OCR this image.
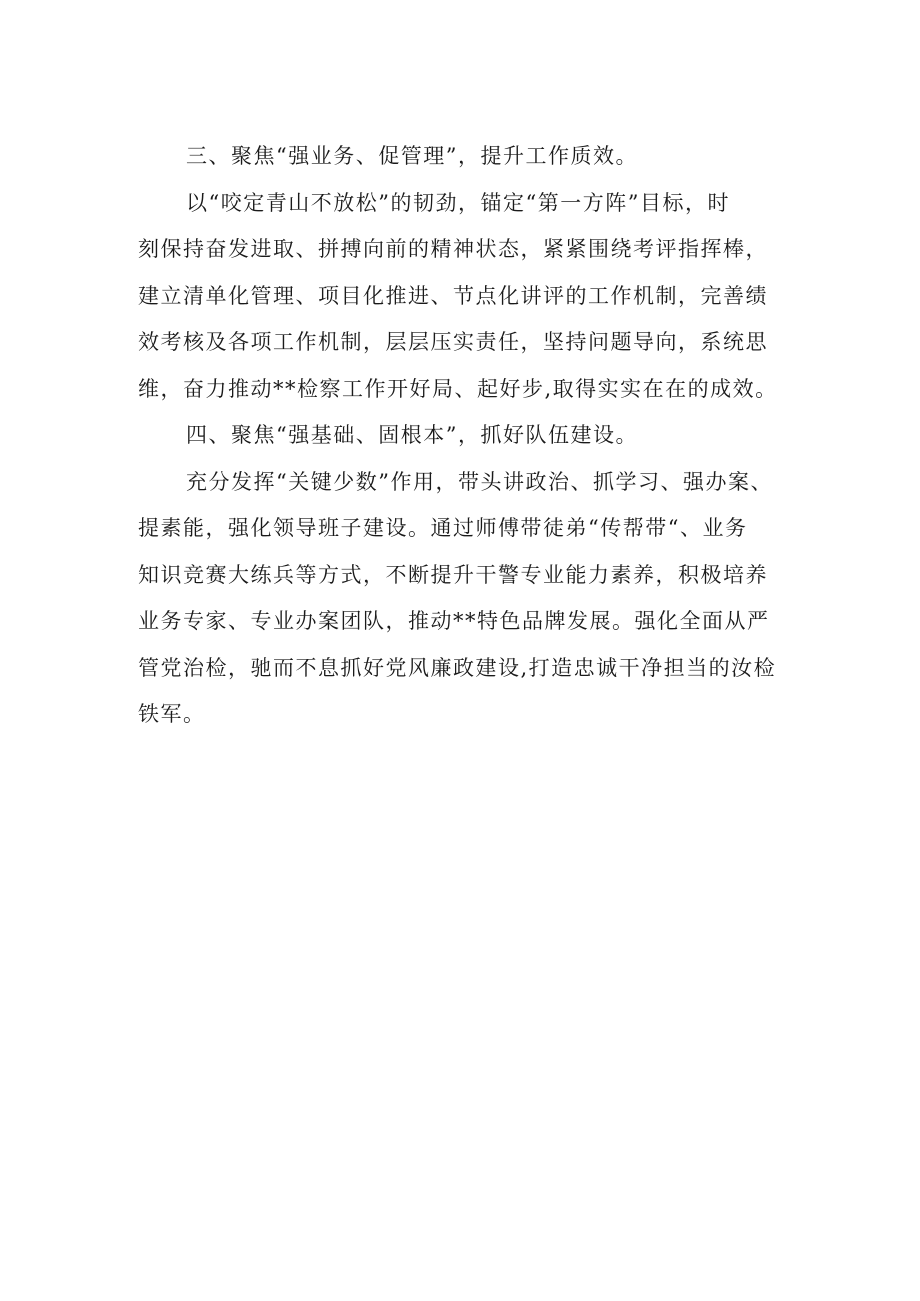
三、聚焦“强业务、促管理”，提升工作质效。
以“咬定青山不放松”的韧劲，锚定“第一方阵”目标，时
刻保持奋发进取、拼搏向前的精神状态，紧紧围绕考评指挥棒，
建立清单化管理、项目化推进、节点化讲评的工作机制，完善绩
效考核及各项工作机制，层层压实责任，坚持问题导向，系统思
维，奋力推动**检察工作开好局、起好步,取得实实在在的成效。
四、聚焦“强基础、固根本”，抓好队伍建设。
充分发挥“关键少数”作用，带头讲政治、抓学习、强办案、
提素能，强化领导班子建设。通过师傅带徒弟“传帮带“、业务
知识竞赛大练兵等方式，不断提升干警专业能力素养，积极培养
业务专家、专业办案团队，推动**特色品牌发展。强化全面从严
管党治检，驰而不息抓好党风廉政建设,打造忠诚干净担当的汝检
铁军。
